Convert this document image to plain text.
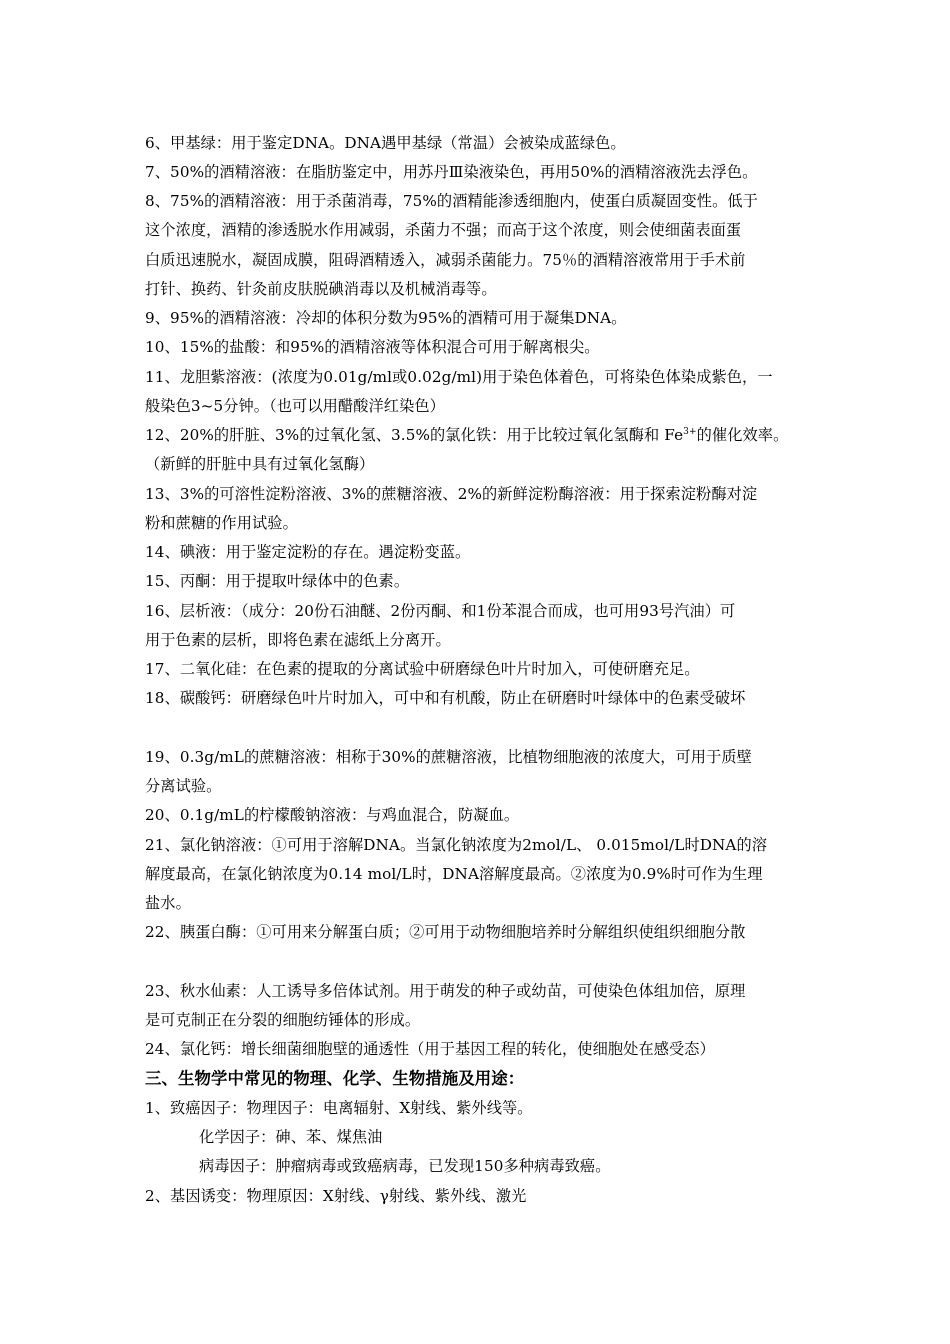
6、甲基绿：用于鉴定DNA。DNA遇甲基绿（常温）会被染成蓝绿色。
7、50%的酒精溶液：在脂肪鉴定中，用苏丹Ⅲ染液染色，再用50%的酒精溶液洗去浮色。
8、75%的酒精溶液：用于杀菌消毒，75%的酒精能渗透细胞内，使蛋白质凝固变性。低于
这个浓度，酒精的渗透脱水作用减弱，杀菌力不强；而高于这个浓度，则会使细菌表面蛋
白质迅速脱水，凝固成膜，阻碍酒精透入，减弱杀菌能力。75％的酒精溶液常用于手术前
打针、换药、针灸前皮肤脱碘消毒以及机械消毒等。
9、95%的酒精溶液：冷却的体积分数为95%的酒精可用于凝集DNA。
10、15%的盐酸：和95%的酒精溶液等体积混合可用于解离根尖。
11、龙胆紫溶液：(浓度为0.01g/ml或0.02g/ml)用于染色体着色，可将染色体染成紫色，一
般染色3~5分钟。（也可以用醋酸洋红染色）
12、20%的肝脏、3%的过氧化氢、3.5%的氯化铁：用于比较过氧化氢酶和 $Fe^{3+}$的催化效率。
（新鲜的肝脏中具有过氧化氢酶）
13、3%的可溶性淀粉溶液、3%的蔗糖溶液、2%的新鲜淀粉酶溶液：用于探索淀粉酶对淀
粉和蔗糖的作用试验。
14、碘液：用于鉴定淀粉的存在。遇淀粉变蓝。
15、丙酮：用于提取叶绿体中的色素。
16、层析液：（成分：20份石油醚、2份丙酮、和1份苯混合而成，也可用93号汽油）可
用于色素的层析，即将色素在滤纸上分离开。
17、二氧化硅：在色素的提取的分离试验中研磨绿色叶片时加入，可使研磨充足。
18、碳酸钙：研磨绿色叶片时加入，可中和有机酸，防止在研磨时叶绿体中的色素受破坏
19、0.3g/mL的蔗糖溶液：相称于30%的蔗糖溶液，比植物细胞液的浓度大，可用于质壁
分离试验。
20、0.1g/mL的柠檬酸钠溶液：与鸡血混合，防凝血。
21、氯化钠溶液：①可用于溶解DNA。当氯化钠浓度为2mol/L、 0.015mol/L时DNA的溶
解度最高，在氯化钠浓度为0.14 mol/L时，DNA溶解度最高。②浓度为0.9%时可作为生理
盐水。
22、胰蛋白酶：①可用来分解蛋白质；②可用于动物细胞培养时分解组织使组织细胞分散
23、秋水仙素：人工诱导多倍体试剂。用于萌发的种子或幼苗，可使染色体组加倍，原理
是可克制正在分裂的细胞纺锤体的形成。
24、氯化钙：增长细菌细胞壁的通透性（用于基因工程的转化，使细胞处在感受态）
三、生物学中常见的物理、化学、生物措施及用途：
1、致癌因子：物理因子：电离辐射、X射线、紫外线等。
化学因子：砷、苯、煤焦油
病毒因子：肿瘤病毒或致癌病毒，已发现150多种病毒致癌。
2、基因诱变：物理原因：X射线、γ射线、紫外线、激光
